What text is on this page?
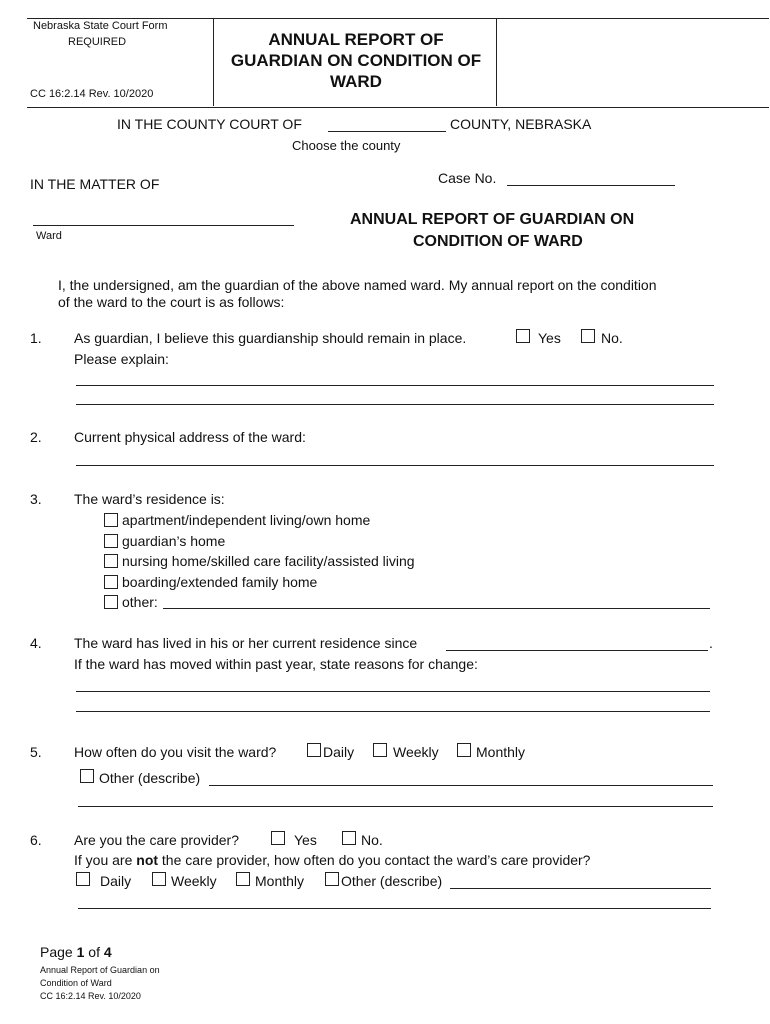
Nebraska State Court Form
REQUIRED
CC 16:2.14 Rev. 10/2020
ANNUAL REPORT OF GUARDIAN ON CONDITION OF WARD
IN THE COUNTY COURT OF	COUNTY, NEBRASKA
Choose the county
IN THE MATTER OF	Case No.
Ward
ANNUAL REPORT OF GUARDIAN ON
CONDITION OF WARD
I, the undersigned, am the guardian of the above named ward. My annual report on the condition of the ward to the court is as follows:
1. As guardian, I believe this guardianship should remain in place.	Yes	No.
Please explain:
2. Current physical address of the ward:
3. The ward’s residence is:
apartment/independent living/own home
guardian’s home
nursing home/skilled care facility/assisted living
boarding/extended family home
other:
4. The ward has lived in his or her current residence since	.
If the ward has moved within past year, state reasons for change:
5. How often do you visit the ward?	Daily	Weekly	Monthly
Other (describe)
6. Are you the care provider?	Yes	No.
If you are not the care provider, how often do you contact the ward’s care provider?
Daily	Weekly	Monthly	Other (describe)
Page 1 of 4
Annual Report of Guardian on
Condition of Ward
CC 16:2.14 Rev. 10/2020
